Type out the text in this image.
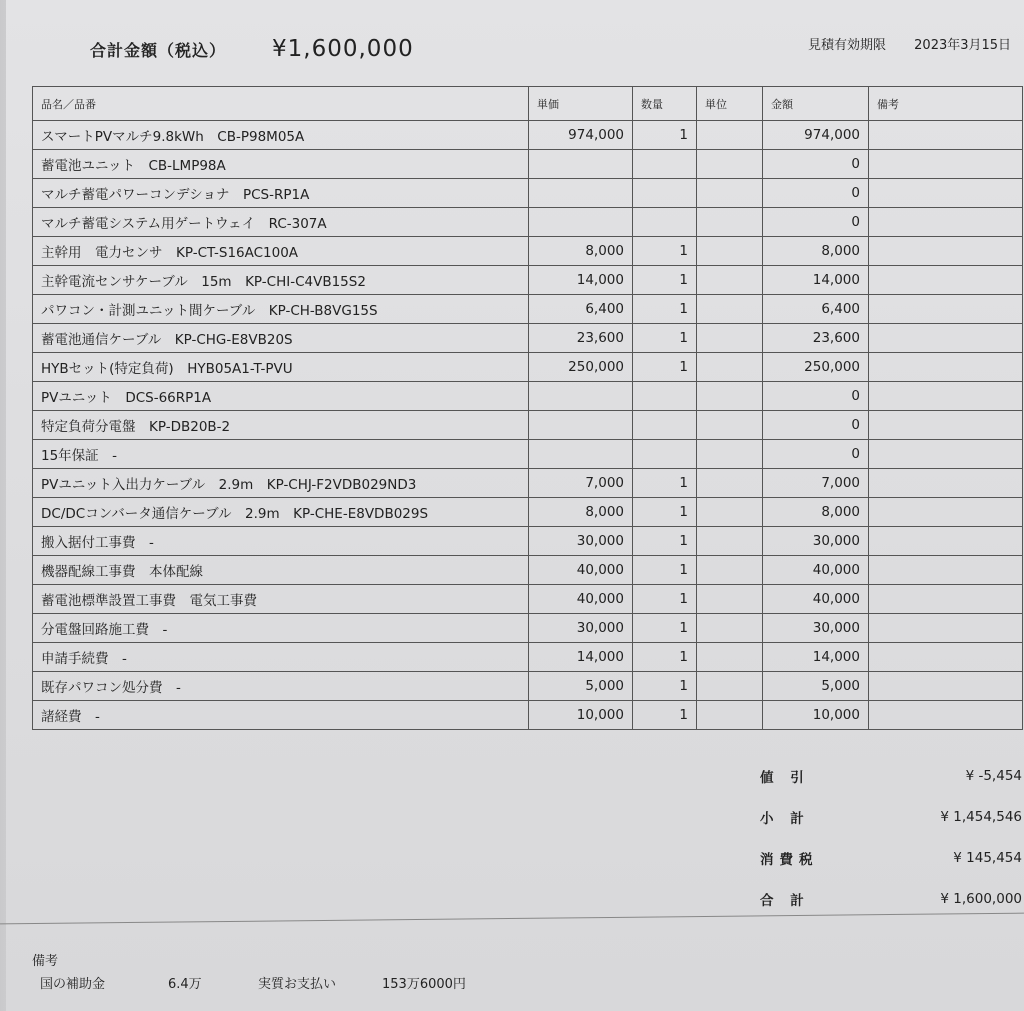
合計金額（税込） ¥1,600,000	見積有効期限 2023年3月15日
品名／品番	単価	数量	単位	金額	備考
スマートPVマルチ9.8kWh　CB-P98M05A	974,000	1		974,000	
蓄電池ユニット　CB-LMP98A				0	
マルチ蓄電パワーコンデショナ　PCS-RP1A				0	
マルチ蓄電システム用ゲートウェイ　RC-307A				0	
主幹用　電力センサ　KP-CT-S16AC100A	8,000	1		8,000	
主幹電流センサケーブル　15m　KP-CHI-C4VB15S2	14,000	1		14,000	
パワコン・計測ユニット間ケーブル　KP-CH-B8VG15S	6,400	1		6,400	
蓄電池通信ケーブル　KP-CHG-E8VB20S	23,600	1		23,600	
HYBセット(特定負荷)　HYB05A1-T-PVU	250,000	1		250,000	
PVユニット　DCS-66RP1A				0	
特定負荷分電盤　KP-DB20B-2				0	
15年保証　-				0	
PVユニット入出力ケーブル　2.9m　KP-CHJ-F2VDB029ND3	7,000	1		7,000	
DC/DCコンバータ通信ケーブル　2.9m　KP-CHE-E8VDB029S	8,000	1		8,000	
搬入据付工事費　-	30,000	1		30,000	
機器配線工事費　本体配線	40,000	1		40,000	
蓄電池標準設置工事費　電気工事費	40,000	1		40,000	
分電盤回路施工費　-	30,000	1		30,000	
申請手続費　-	14,000	1		14,000	
既存パワコン処分費　-	5,000	1		5,000	
諸経費　-	10,000	1		10,000	
値 引	¥ -5,454
小 計	¥ 1,454,546
消費税	¥ 145,454
合 計	¥ 1,600,000
備考
国の補助金	6.4万	実質お支払い	153万6000円
